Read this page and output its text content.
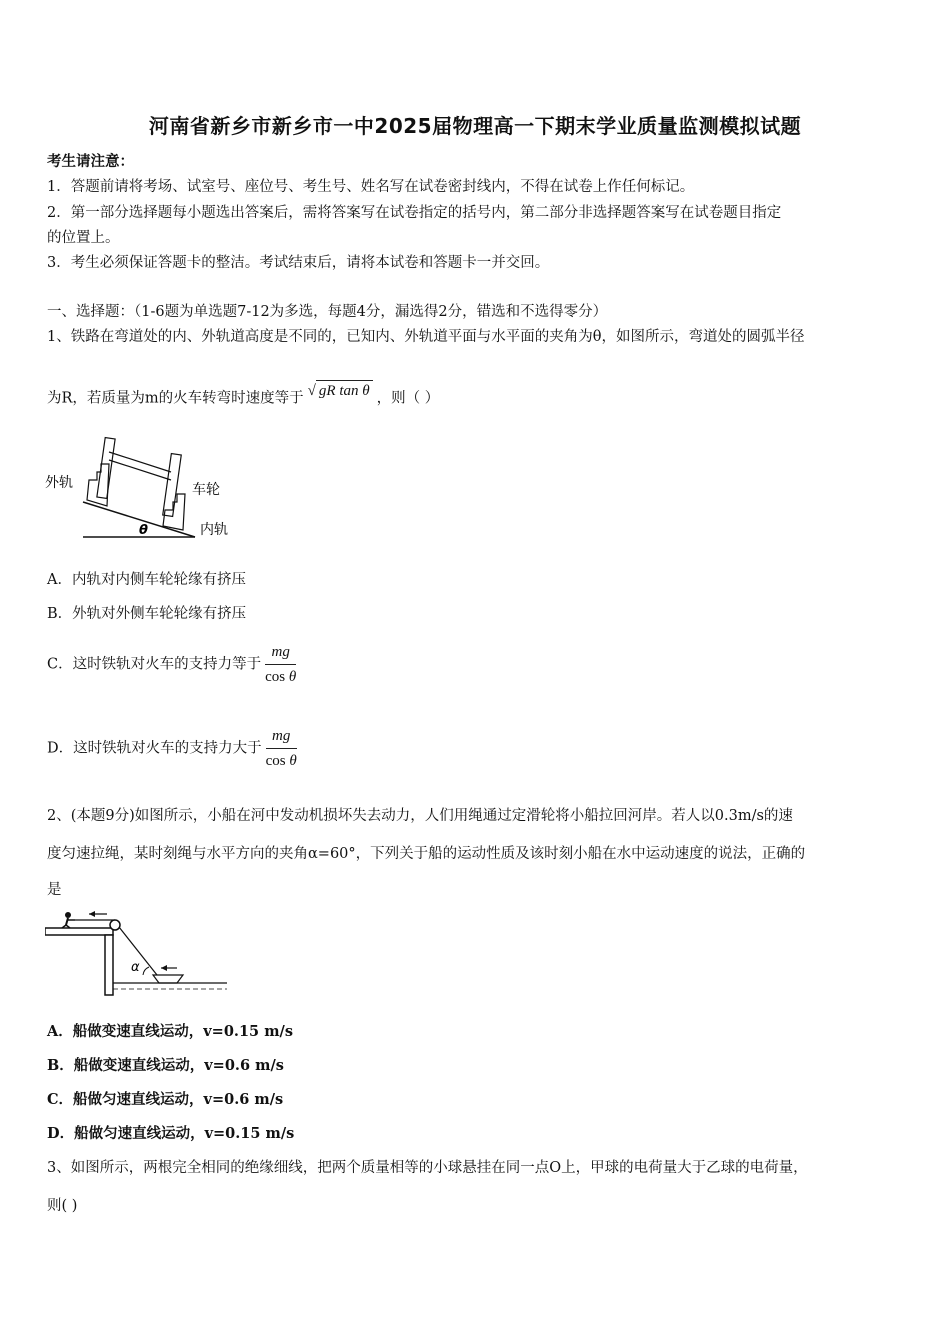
河南省新乡市新乡市一中2025届物理高一下期末学业质量监测模拟试题
考生请注意：
1．答题前请将考场、试室号、座位号、考生号、姓名写在试卷密封线内，不得在试卷上作任何标记。
2．第一部分选择题每小题选出答案后，需将答案写在试卷指定的括号内，第二部分非选择题答案写在试卷题目指定
的位置上。
3．考生必须保证答题卡的整洁。考试结束后，请将本试卷和答题卡一并交回。
一、选择题：（1-6题为单选题7-12为多选，每题4分，漏选得2分，错选和不选得零分）
1、铁路在弯道处的内、外轨道高度是不同的，已知内、外轨道平面与水平面的夹角为θ，如图所示，弯道处的圆弧半径
为R，若质量为m的火车转弯时速度等于 √ gR tan θ ，则（ ）
外轨	车轮
内轨
θ
A．内轨对内侧车轮轮缘有挤压
B．外轨对外侧车轮轮缘有挤压
C．这时铁轨对火车的支持力等于 $\frac{mg}{\text{cos θ}}$
D．这时铁轨对火车的支持力大于 $\frac{mg}{\text{cos θ}}$
2、(本题9分)如图所示，小船在河中发动机损坏失去动力，人们用绳通过定滑轮将小船拉回河岸。若人以0.3m/s的速
度匀速拉绳，某时刻绳与水平方向的夹角α=60°，下列关于船的运动性质及该时刻小船在水中运动速度的说法，正确的
是
α
A．船做变速直线运动，v=0.15 m/s
B．船做变速直线运动，v=0.6 m/s
C．船做匀速直线运动，v=0.6 m/s
D．船做匀速直线运动，v=0.15 m/s
3、如图所示，两根完全相同的绝缘细线，把两个质量相等的小球悬挂在同一点O上，甲球的电荷量大于乙球的电荷量，
则( )
